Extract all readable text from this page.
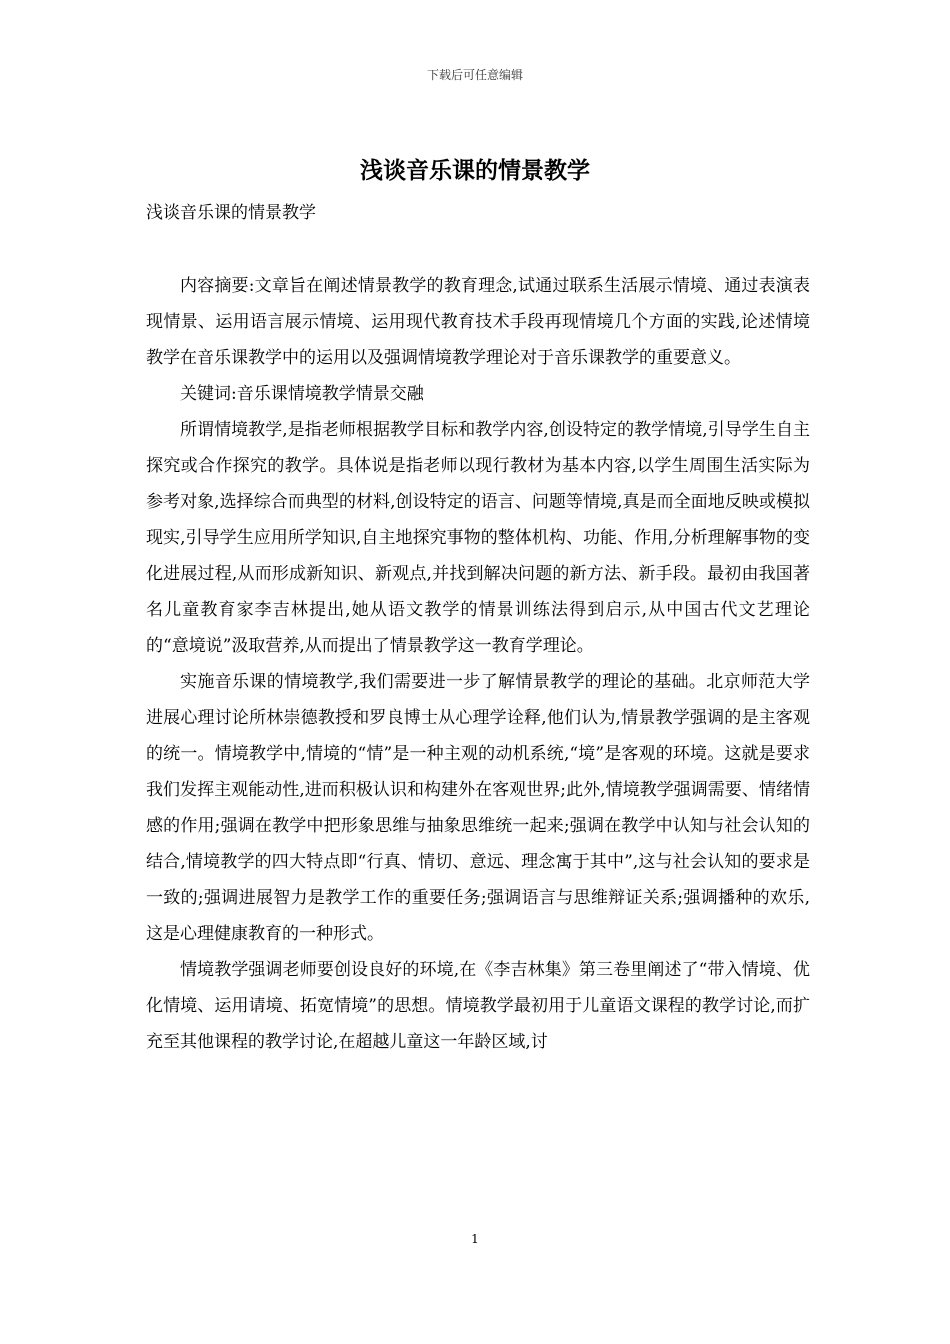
下载后可任意编辑
浅谈音乐课的情景教学
浅谈音乐课的情景教学

内容摘要:文章旨在阐述情景教学的教育理念,试通过联系生活展示情境、通过表演表现情景、运用语言展示情境、运用现代教育技术手段再现情境几个方面的实践,论述情境教学在音乐课教学中的运用以及强调情境教学理论对于音乐课教学的重要意义。

关键词:音乐课情境教学情景交融

所谓情境教学,是指老师根据教学目标和教学内容,创设特定的教学情境,引导学生自主探究或合作探究的教学。具体说是指老师以现行教材为基本内容,以学生周围生活实际为参考对象,选择综合而典型的材料,创设特定的语言、问题等情境,真是而全面地反映或模拟现实,引导学生应用所学知识,自主地探究事物的整体机构、功能、作用,分析理解事物的变化进展过程,从而形成新知识、新观点,并找到解决问题的新方法、新手段。最初由我国著名儿童教育家李吉林提出,她从语文教学的情景训练法得到启示,从中国古代文艺理论的“意境说”汲取营养,从而提出了情景教学这一教育学理论。

实施音乐课的情境教学,我们需要进一步了解情景教学的理论的基础。北京师范大学进展心理讨论所林崇德教授和罗良博士从心理学诠释,他们认为,情景教学强调的是主客观的统一。情境教学中,情境的“情”是一种主观的动机系统,“境”是客观的环境。这就是要求我们发挥主观能动性,进而积极认识和构建外在客观世界;此外,情境教学强调需要、情绪情感的作用;强调在教学中把形象思维与抽象思维统一起来;强调在教学中认知与社会认知的结合,情境教学的四大特点即“行真、情切、意远、理念寓于其中”,这与社会认知的要求是一致的;强调进展智力是教学工作的重要任务;强调语言与思维辩证关系;强调播种的欢乐,这是心理健康教育的一种形式。

情境教学强调老师要创设良好的环境,在《李吉林集》第三卷里阐述了“带入情境、优化情境、运用请境、拓宽情境”的思想。情境教学最初用于儿童语文课程的教学讨论,而扩充至其他课程的教学讨论,在超越儿童这一年龄区域,讨

1
